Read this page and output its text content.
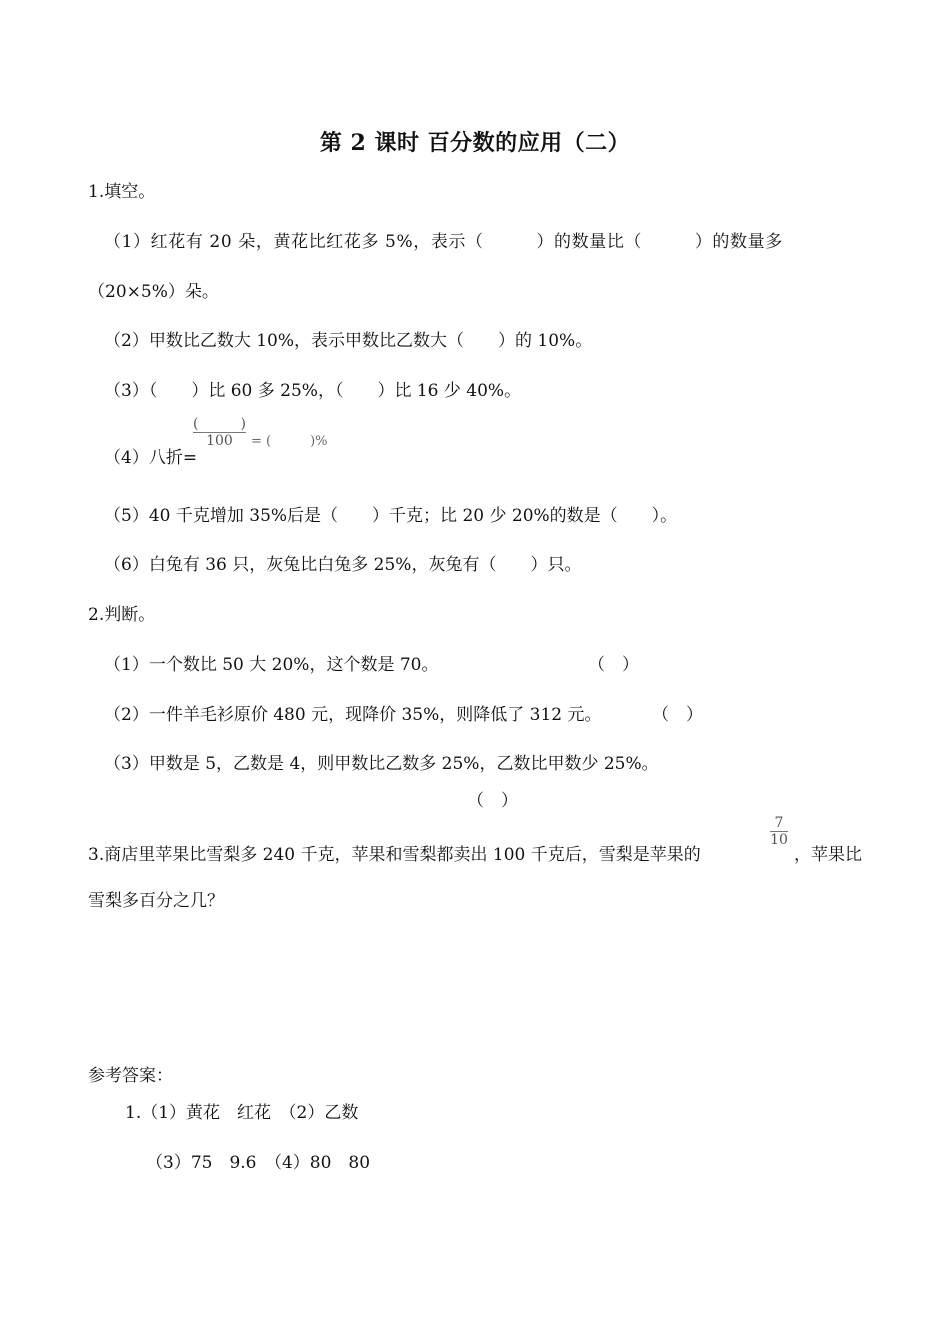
第 2 课时 百分数的应用（二）
1.填空。
（1）红花有 20 朵，黄花比红花多 5%，表示（　　　）的数量比（　　　）的数量多
（20×5%）朵。
（2）甲数比乙数大 10%，表示甲数比乙数大（　　）的 10%。
（3）（　　）比 60 多 25%，（　　）比 16 少 40%。
（4）八折=
$\frac{( )}{100}$ = (　　　)%
（5）40 千克增加 35%后是（　　）千克；比 20 少 20%的数是（　　）。
（6）白兔有 36 只，灰兔比白兔多 25%，灰兔有（　　）只。
2.判断。
（1）一个数比 50 大 20%，这个数是 70。	（　）
（2）一件羊毛衫原价 480 元，现降价 35%，则降低了 312 元。	（　）
（3）甲数是 5，乙数是 4，则甲数比乙数多 25%，乙数比甲数少 25%。
（　）
3.商店里苹果比雪梨多 240 千克，苹果和雪梨都卖出 100 千克后，雪梨是苹果的
$\frac{7}{10}$
，苹果比
雪梨多百分之几？
参考答案：
1.（1）黄花　红花　（2）乙数
（3）75　9.6　（4）80　80
